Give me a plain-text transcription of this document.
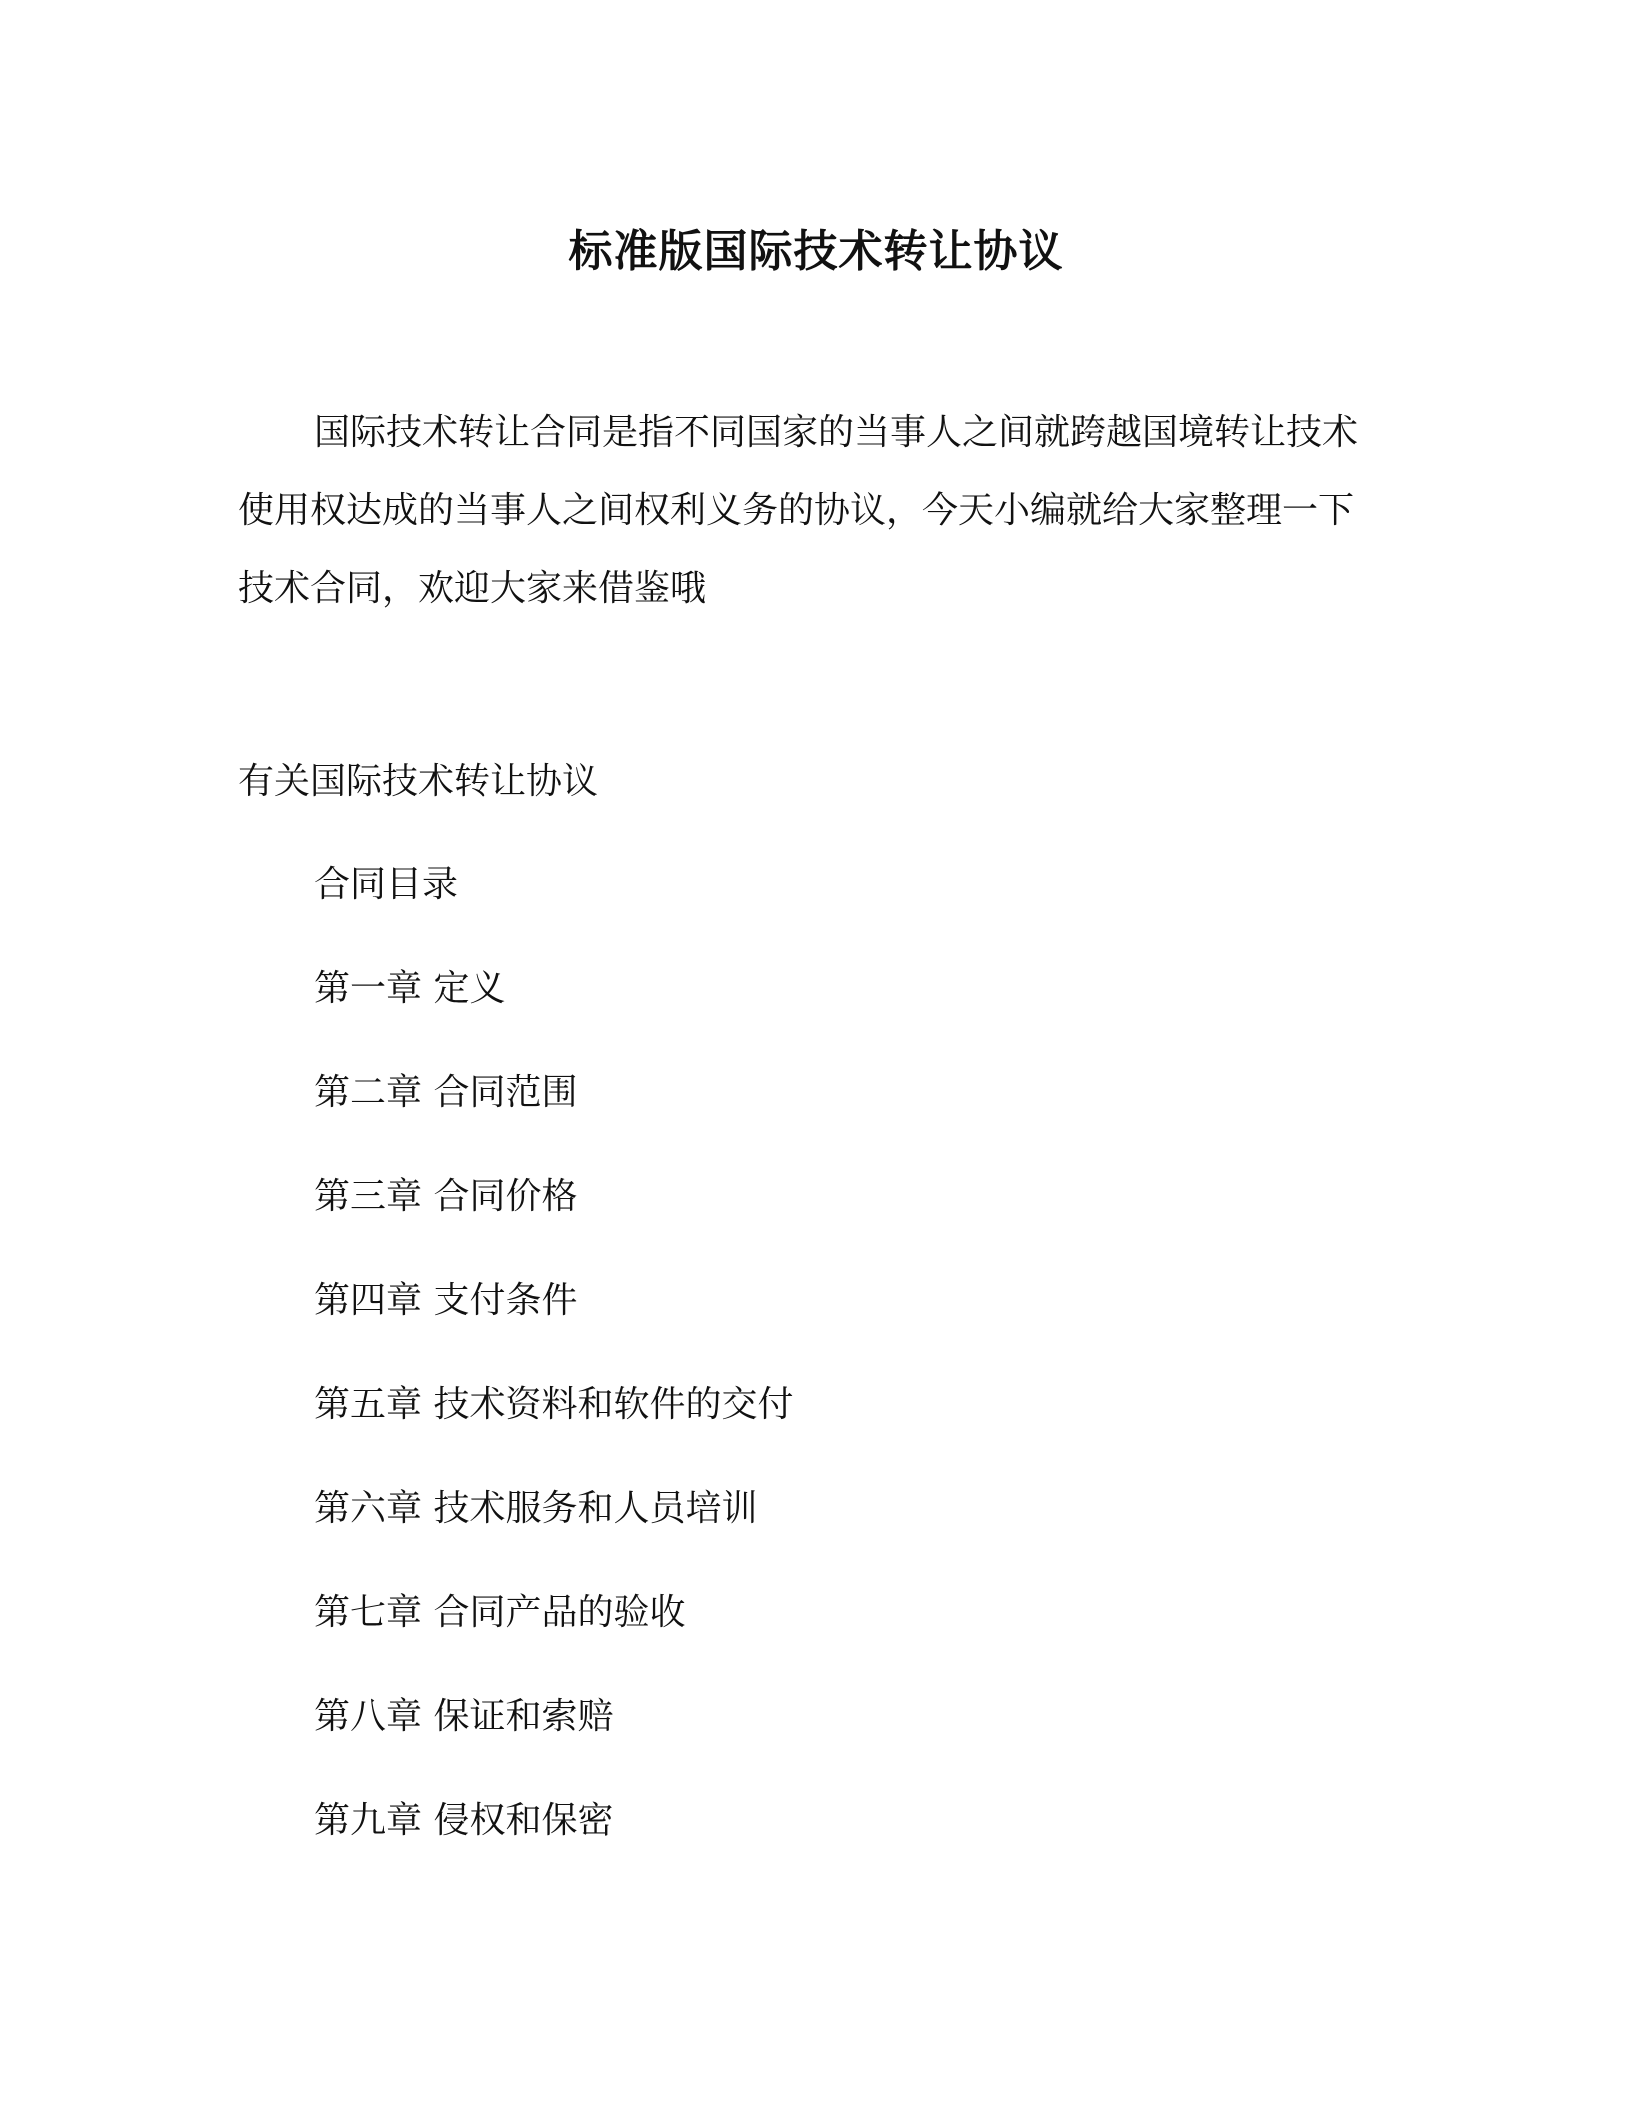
标准版国际技术转让协议

国际技术转让合同是指不同国家的当事人之间就跨越国境转让技术使用权达成的当事人之间权利义务的协议，今天小编就给大家整理一下技术合同，欢迎大家来借鉴哦

有关国际技术转让协议
合同目录
第一章 定义
第二章 合同范围
第三章 合同价格
第四章 支付条件
第五章 技术资料和软件的交付
第六章 技术服务和人员培训
第七章 合同产品的验收
第八章 保证和索赔
第九章 侵权和保密
